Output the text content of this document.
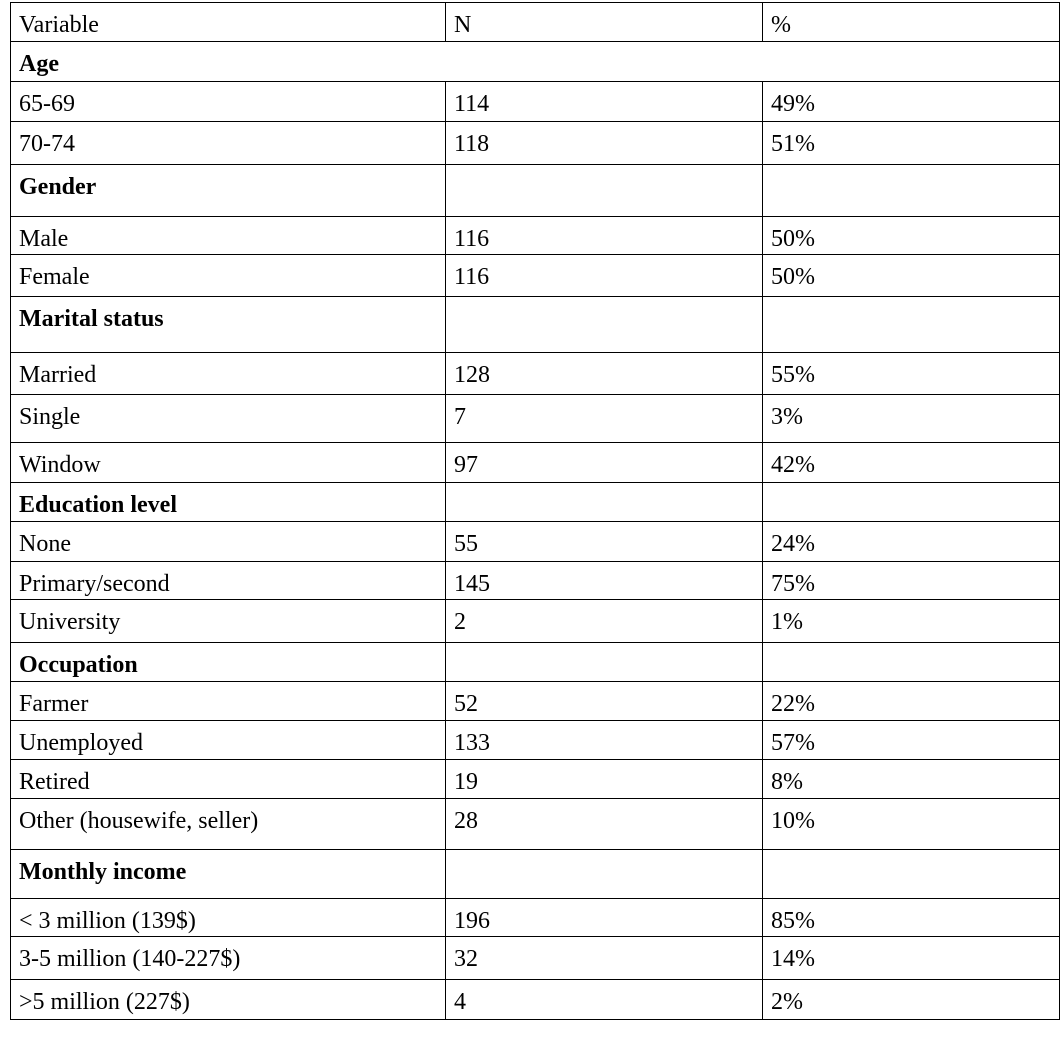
Variable	N	%
Age		
65-69	114	49%
70-74	118	51%
Gender		
Male	116	50%
Female	116	50%
Marital status		
Married	128	55%
Single	7	3%
Window	97	42%
Education level		
None	55	24%
Primary/second	145	75%
University	2	1%
Occupation		
Farmer	52	22%
Unemployed	133	57%
Retired	19	8%
Other (housewife, seller)	28	10%
Monthly income		
< 3 million (139$)	196	85%
3-5 million (140-227$)	32	14%
>5 million (227$)	4	2%
